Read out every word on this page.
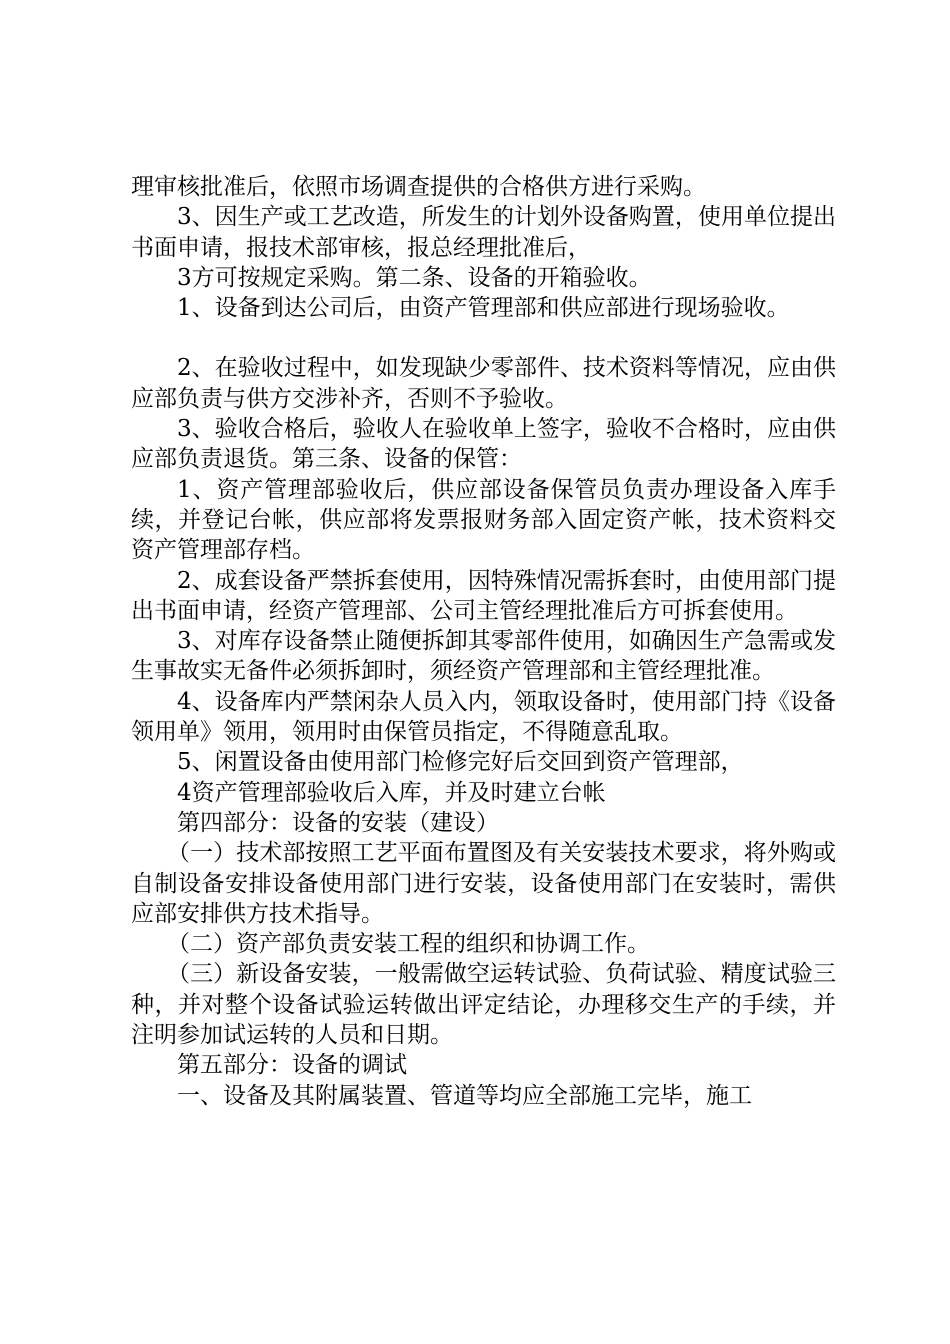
理审核批准后，依照市场调查提供的合格供方进行采购。

3、因生产或工艺改造，所发生的计划外设备购置，使用单位提出书面申请，报技术部审核，报总经理批准后，

3方可按规定采购。第二条、设备的开箱验收。

1、设备到达公司后，由资产管理部和供应部进行现场验收。

2、在验收过程中，如发现缺少零部件、技术资料等情况，应由供应部负责与供方交涉补齐，否则不予验收。

3、验收合格后，验收人在验收单上签字，验收不合格时，应由供应部负责退货。第三条、设备的保管：

1、资产管理部验收后，供应部设备保管员负责办理设备入库手续，并登记台帐，供应部将发票报财务部入固定资产帐，技术资料交资产管理部存档。

2、成套设备严禁拆套使用，因特殊情况需拆套时，由使用部门提出书面申请，经资产管理部、公司主管经理批准后方可拆套使用。

3、对库存设备禁止随便拆卸其零部件使用，如确因生产急需或发生事故实无备件必须拆卸时，须经资产管理部和主管经理批准。

4、设备库内严禁闲杂人员入内，领取设备时，使用部门持《设备领用单》领用，领用时由保管员指定，不得随意乱取。

5、闲置设备由使用部门检修完好后交回到资产管理部，

4资产管理部验收后入库，并及时建立台帐

第四部分：设备的安装（建设）

（一）技术部按照工艺平面布置图及有关安装技术要求，将外购或自制设备安排设备使用部门进行安装，设备使用部门在安装时，需供应部安排供方技术指导。

（二）资产部负责安装工程的组织和协调工作。

（三）新设备安装，一般需做空运转试验、负荷试验、精度试验三种，并对整个设备试验运转做出评定结论，办理移交生产的手续，并注明参加试运转的人员和日期。

第五部分：设备的调试

一、设备及其附属装置、管道等均应全部施工完毕，施工
